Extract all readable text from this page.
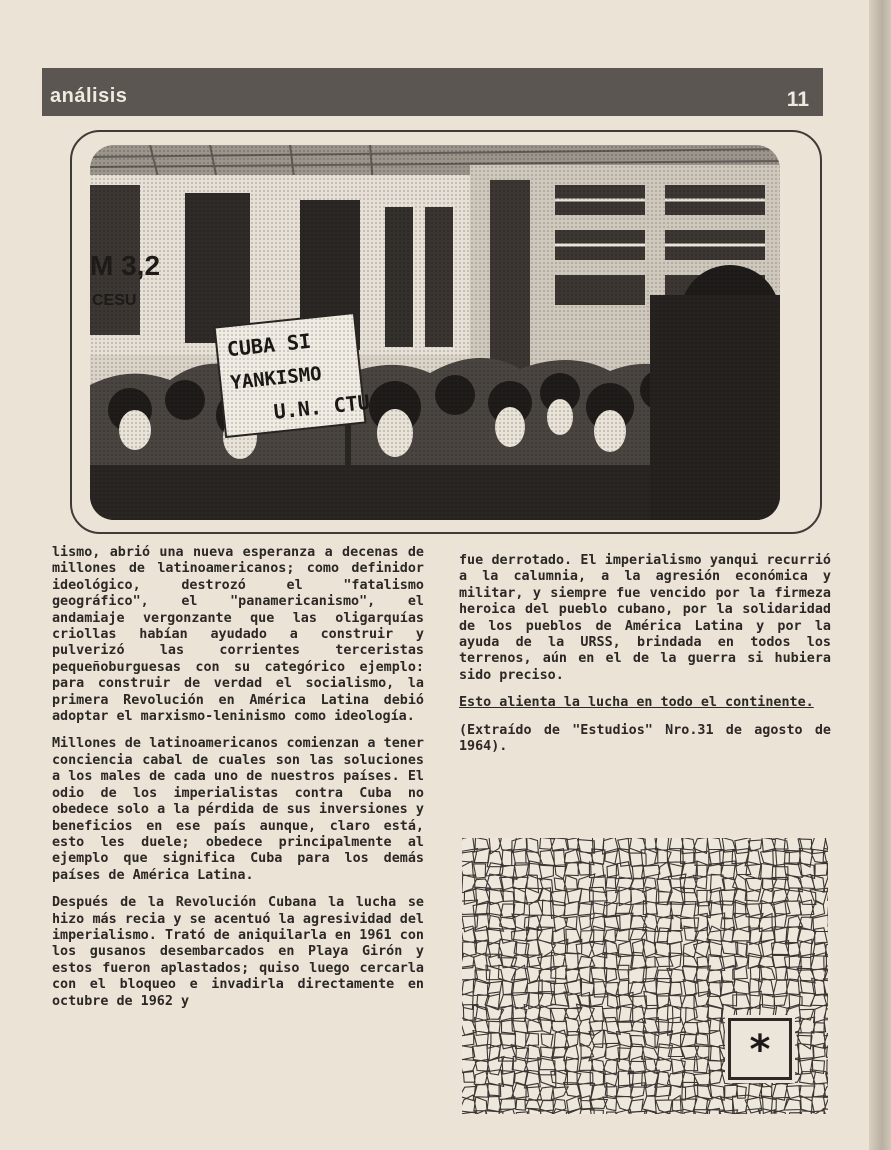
análisis	11

lismo, abrió una nueva esperanza a decenas de millones de latinoamericanos; como definidor ideológico, destrozó el "fatalismo geográfico", el "panamericanismo", el andamiaje vergonzante que las oligarquías criollas habían ayudado a construir y pulverizó las corrientes terceristas pequeñoburguesas con su categórico ejemplo: para construir de verdad el socialismo, la primera Revolución en América Latina debió adoptar el marxismo-leninismo como ideología.

Millones de latinoamericanos comienzan a tener conciencia cabal de cuales son las soluciones a los males de cada uno de nuestros países. El odio de los imperialistas contra Cuba no obedece solo a la pérdida de sus inversiones y beneficios en ese país aunque, claro está, esto les duele; obedece principalmente al ejemplo que significa Cuba para los demás países de América Latina.

Después de la Revolución Cubana la lucha se hizo más recia y se acentuó la agresividad del imperialismo. Trató de aniquilarla en 1961 con los gusanos desembarcados en Playa Girón y estos fueron aplastados; quiso luego cercarla con el bloqueo e invadirla directamente en octubre de 1962 y

fue derrotado. El imperialismo yanqui recurrió a la calumnia, a la agresión económica y militar, y siempre fue vencido por la firmeza heroica del pueblo cubano, por la solidaridad de los pueblos de América Latina y por la ayuda de la URSS, brindada en todos los terrenos, aún en el de la guerra si hubiera sido preciso.

Esto alienta la lucha en todo el continente.

(Extraído de "Estudios" Nro.31 de agosto de 1964).

*
